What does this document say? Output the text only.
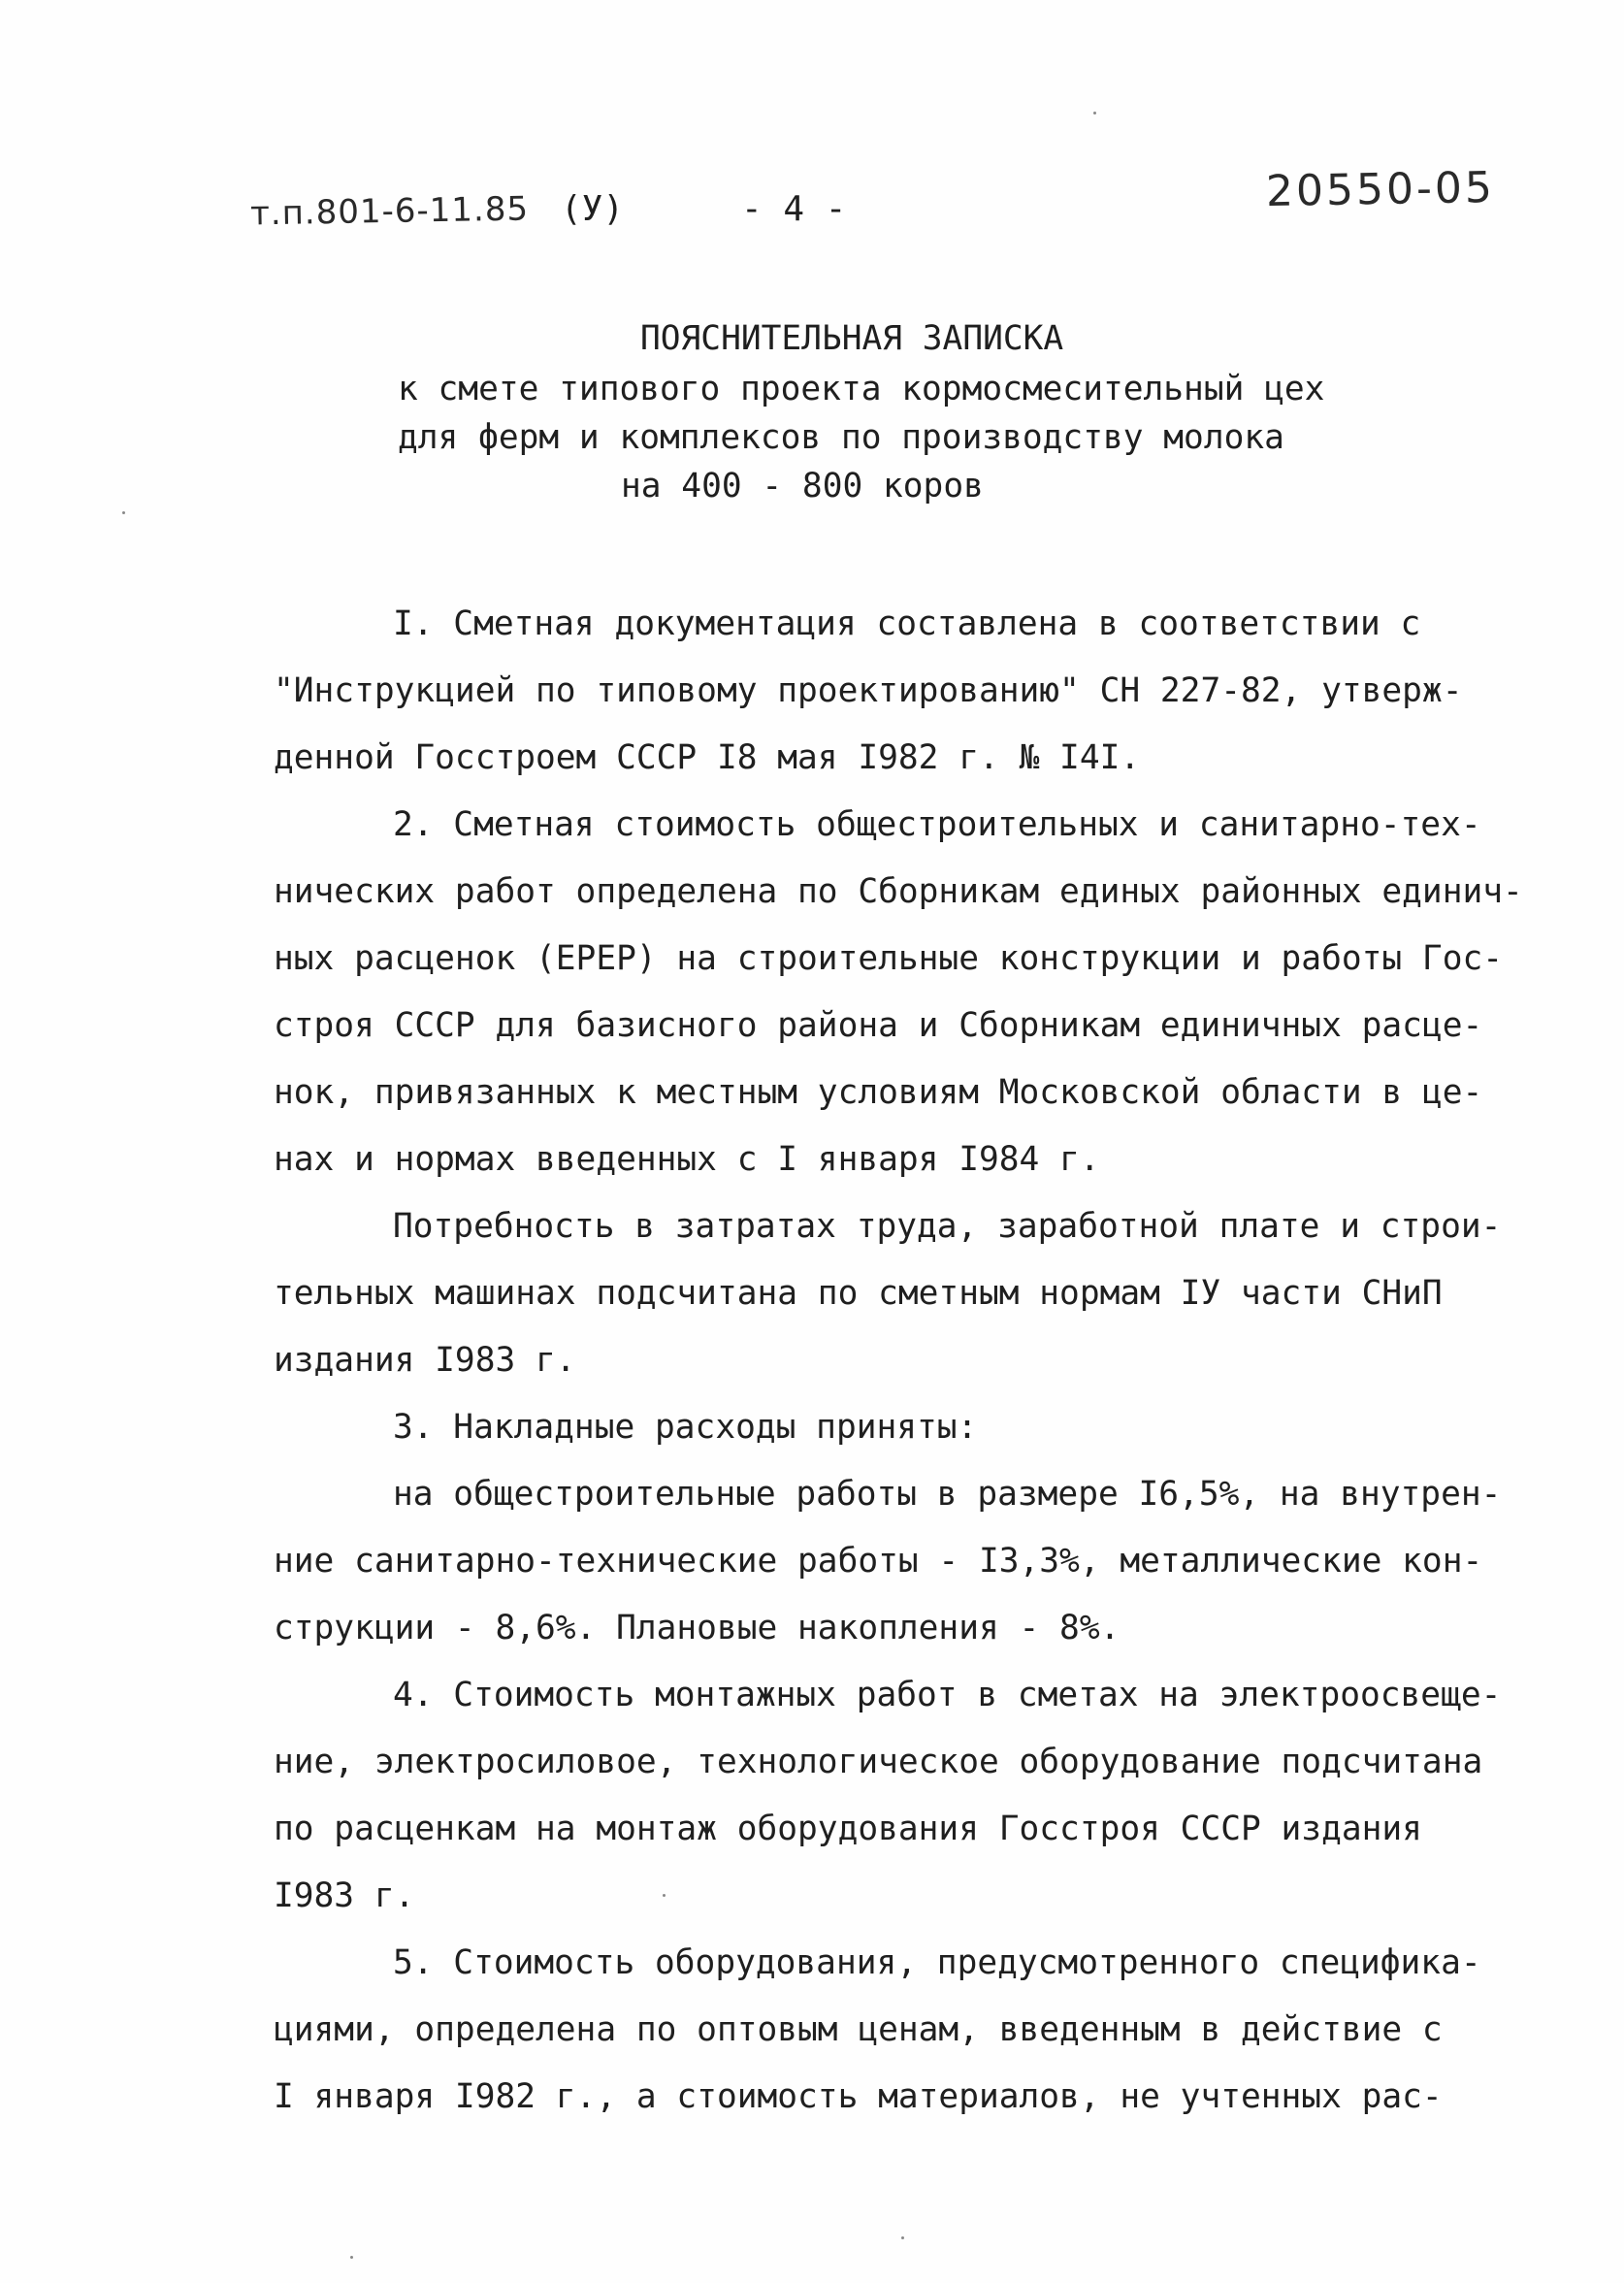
т.п.801-6-11.85 (У)	- 4 -	20550-05
ПОЯСНИТЕЛЬНАЯ ЗАПИСКА
к смете типового проекта кормосмесительный цех
для ферм и комплексов по производству молока
на 400 - 800 коров
I. Сметная документация составлена в соответствии с
"Инструкцией по типовому проектированию" СН 227-82, утверж-
денной Госстроем СССР I8 мая I982 г. № I4I.
2. Сметная стоимость общестроительных и санитарно-тех-
нических работ определена по Сборникам единых районных единич-
ных расценок (ЕРЕР) на строительные конструкции и работы Гос-
строя СССР для базисного района и Сборникам единичных расце-
нок, привязанных к местным условиям Московской области в це-
нах и нормах введенных с I января I984 г.
Потребность в затратах труда, заработной плате и строи-
тельных машинах подсчитана по сметным нормам IУ части СНиП
издания I983 г.
3. Накладные расходы приняты:
на общестроительные работы в размере I6,5%, на внутрен-
ние санитарно-технические работы - I3,3%, металлические кон-
струкции - 8,6%. Плановые накопления - 8%.
4. Стоимость монтажных работ в сметах на электроосвеще-
ние, электросиловое, технологическое оборудование подсчитана
по расценкам на монтаж оборудования Госстроя СССР издания
I983 г.
5. Стоимость оборудования, предусмотренного спецификa-
циями, определена по оптовым ценам, введенным в действие с
I января I982 г., а стоимость материалов, не учтенных рас-
